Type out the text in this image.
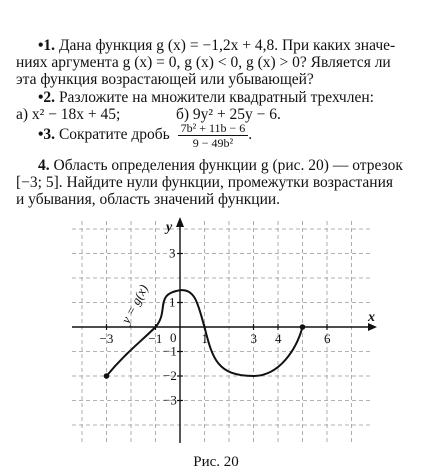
•1. Дана функция g (x) = −1,2x + 4,8. При каких значе-
ниях аргумента g (x) = 0, g (x) < 0, g (x) > 0? Является ли
эта функция возрастающей или убывающей?
•2. Разложите на множители квадратный трехчлен:
а) x² − 18x + 45;	б) 9y² + 25y − 6.
•3. Сократите дробь $\frac{\text{7b² + 11b − 6}}{\text{9 − 49b²}}$ .
4. Область определения функции g (рис. 20) — отрезок
[−3; 5]. Найдите нули функции, промежутки возрастания
и убывания, область значений функции.
−3	−1	1	3 4	6
3
1
−1
−2
−3
y = g(x)	x
y
0
Рис. 20
